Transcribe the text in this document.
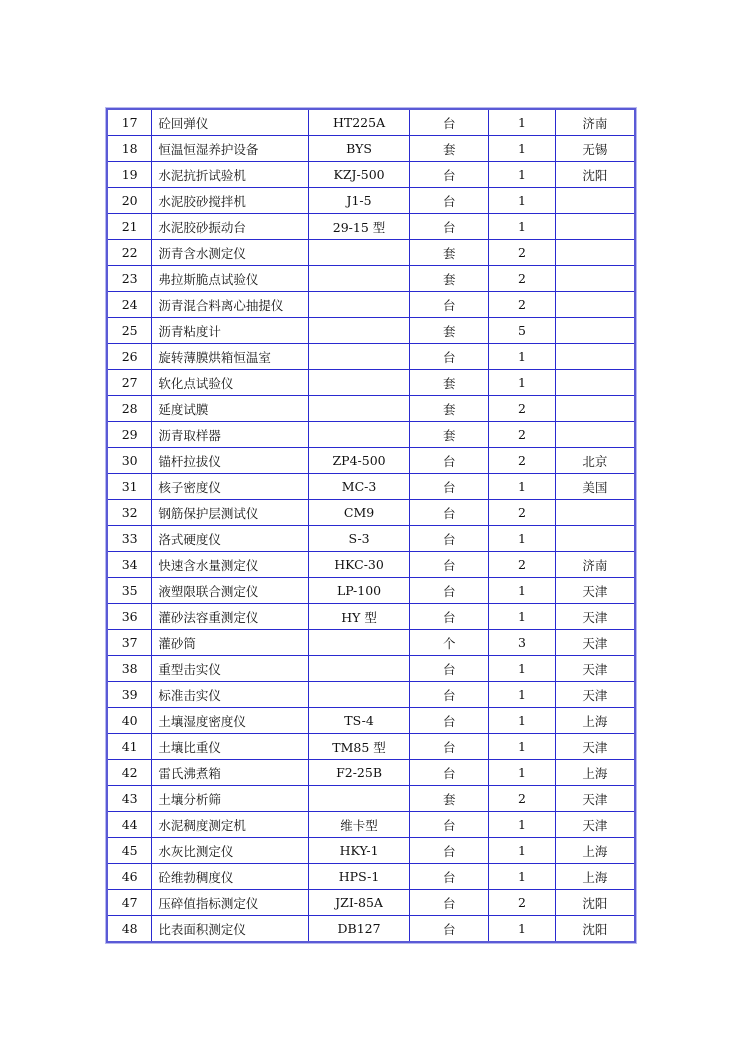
17	砼回弹仪	HT225A	台	1	济南
18	恒温恒湿养护设备	BYS	套	1	无锡
19	水泥抗折试验机	KZJ-500	台	1	沈阳
20	水泥胶砂搅拌机	J1-5	台	1	
21	水泥胶砂振动台	29-15 型	台	1	
22	沥青含水测定仪		套	2	
23	弗拉斯脆点试验仪		套	2	
24	沥青混合料离心抽提仪		台	2	
25	沥青粘度计		套	5	
26	旋转薄膜烘箱恒温室		台	1	
27	软化点试验仪		套	1	
28	延度试膜		套	2	
29	沥青取样器		套	2	
30	锚杆拉拔仪	ZP4-500	台	2	北京
31	核子密度仪	MC-3	台	1	美国
32	钢筋保护层测试仪	CM9	台	2	
33	洛式硬度仪	S-3	台	1	
34	快速含水量测定仪	HKC-30	台	2	济南
35	液塑限联合测定仪	LP-100	台	1	天津
36	灌砂法容重测定仪	HY 型	台	1	天津
37	灌砂筒		个	3	天津
38	重型击实仪		台	1	天津
39	标准击实仪		台	1	天津
40	土壤湿度密度仪	TS-4	台	1	上海
41	土壤比重仪	TM85 型	台	1	天津
42	雷氏沸煮箱	F2-25B	台	1	上海
43	土壤分析筛		套	2	天津
44	水泥稠度测定机	维卡型	台	1	天津
45	水灰比测定仪	HKY-1	台	1	上海
46	砼维勃稠度仪	HPS-1	台	1	上海
47	压碎值指标测定仪	JZI-85A	台	2	沈阳
48	比表面积测定仪	DB127	台	1	沈阳
